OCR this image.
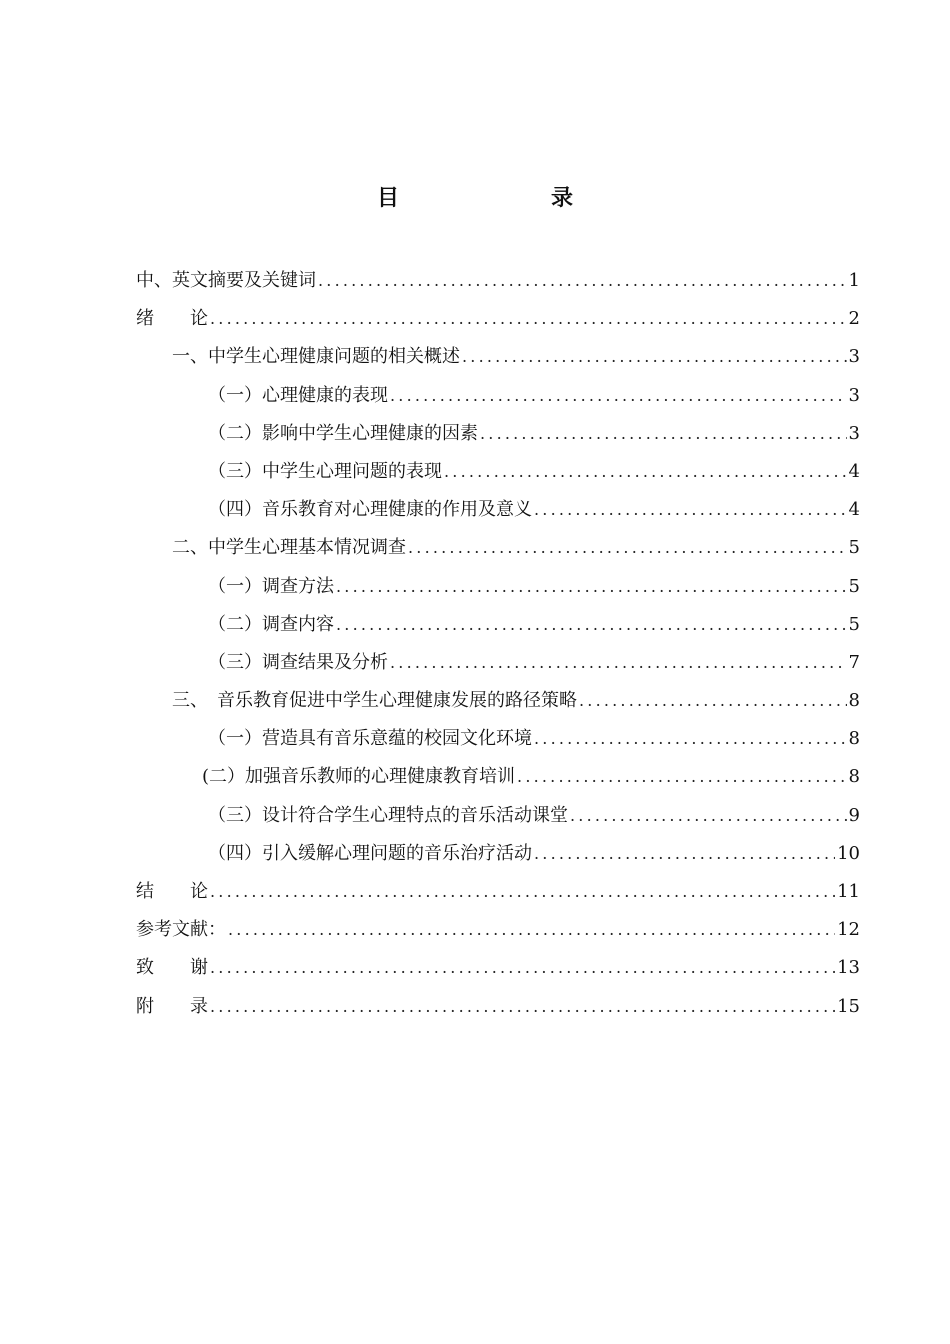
目　　录
中、英文摘要及关键词 .....	1
绪　　论 .....	2
一、中学生心理健康问题的相关概述 .....	3
（一）心理健康的表现 .....	3
（二）影响中学生心理健康的因素 .....	3
（三）中学生心理问题的表现 .....	4
（四）音乐教育对心理健康的作用及意义 .....	4
二、中学生心理基本情况调查 .....	5
（一）调查方法 .....	5
（二）调查内容 .....	5
（三）调查结果及分析 .....	7
三、　音乐教育促进中学生心理健康发展的路径策略 .....	8
（一）营造具有音乐意蕴的校园文化环境 .....	8
(二）加强音乐教师的心理健康教育培训 .....	8
（三）设计符合学生心理特点的音乐活动课堂 .....	9
（四）引入缓解心理问题的音乐治疗活动 .....	10
结　　论 .....	11
参考文献： .....	12
致　　谢 .....	13
附　　录 .....	15
